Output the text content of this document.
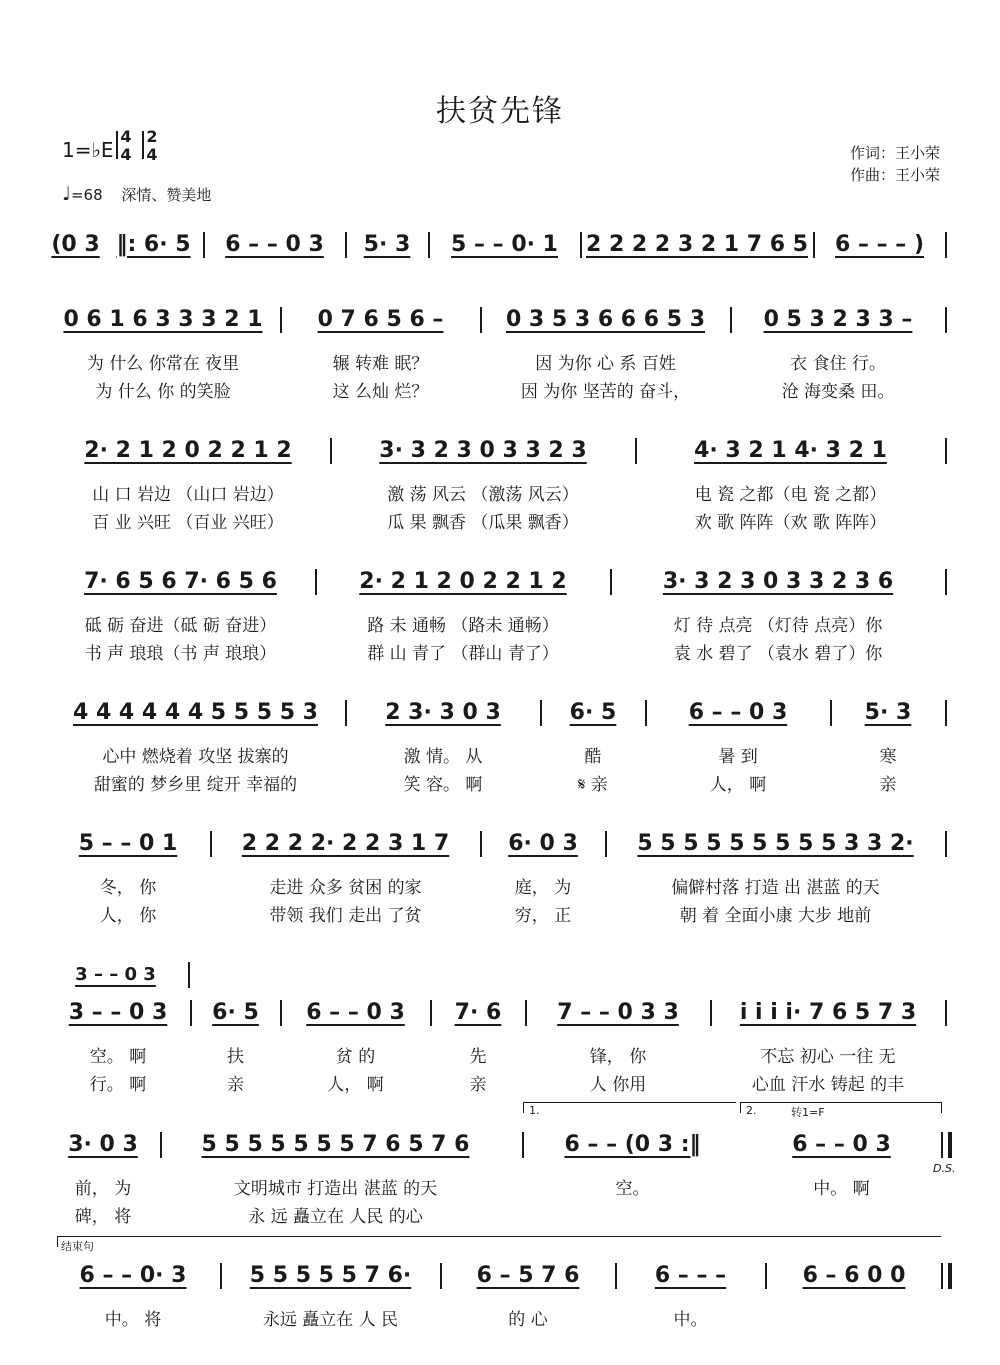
扶贫先锋
1=♭E
4
4
2
4
♩=68 深情、赞美地
作词：王小荣
作曲：王小荣
(0 3 ‖: 6· 5	6 – – 0 3	5· 3	5 – – 0· 1	2 2 2 2 3 2 1 7 6 5	6 – – – )
0 6 1 6 3 3 3 2 1	0 7 6 5 6 –	0 3 5 3 6 6 6 5 3	0 5 3 2 3 3 –
为 什么 你常在 夜里	辗 转难 眠？	因 为你 心 系 百姓	衣 食住 行。
为 什么 你 的笑脸	这 么灿 烂？	因 为你 坚苦的 奋斗，	沧 海变桑 田。
2· 2 1 2 0 2 2 1 2	3· 3 2 3 0 3 3 2 3	4· 3 2 1 4· 3 2 1
山 口 岩边 （山口 岩边）	激 荡 风云 （激荡 风云）	电 瓷 之都（电 瓷 之都）
百 业 兴旺 （百业 兴旺）	瓜 果 飘香 （瓜果 飘香）	欢 歌 阵阵（欢 歌 阵阵）
7· 6 5 6 7· 6 5 6	2· 2 1 2 0 2 2 1 2	3· 3 2 3 0 3 3 2 3 6
砥 砺 奋进（砥 砺 奋进）	路 未 通畅 （路未 通畅）	灯 待 点亮 （灯待 点亮）你
书 声 琅琅（书 声 琅琅）	群 山 青了 （群山 青了）	袁 水 碧了 （袁水 碧了）你
4 4 4 4 4 4 5 5 5 5 3	2 3· 3 0 3	6· 5	6 – – 0 3	5· 3
心中 燃烧着 攻坚 拔寨的	激 情。 从	酷	暑 到	寒
甜蜜的 梦乡里 绽开 幸福的	笑 容。 啊	𝄋 亲	人， 啊	亲
5 – – 0 1	2 2 2 2· 2 2 3 1 7	6· 0 3	5 5 5 5 5 5 5 5 5 3 3 2·
冬， 你	走进 众多 贫困 的家	庭， 为	偏僻村落 打造 出 湛蓝 的天
人， 你	带领 我们 走出 了贫	穷， 正	朝 着 全面小康 大步 地前
3 – – 0 3
3 – – 0 3	6· 5	6 – – 0 3	7· 6	7 – – 0 3 3	i i i i· 7 6 5 7 3
空。 啊	扶	贫 的	先	锋， 你	不忘 初心 一往 无
行。 啊	亲	人， 啊	亲	人 你用	心血 汗水 铸起 的丰
1.	2.	转1=F
3· 0 3	5 5 5 5 5 5 5 7 6 5 7 6	6 – – (0 3 :‖	6 – – 0 3
D.S.
前， 为	文明城市 打造出 湛蓝 的天	空。	中。 啊
碑， 将	永 远 矗立在 人民 的心
结束句
6 – – 0· 3	5 5 5 5 5 7 6·	6 – 5 7 6	6 – – –	6 – 6 0 0
中。 将	永远 矗立在 人 民	的 心	中。
